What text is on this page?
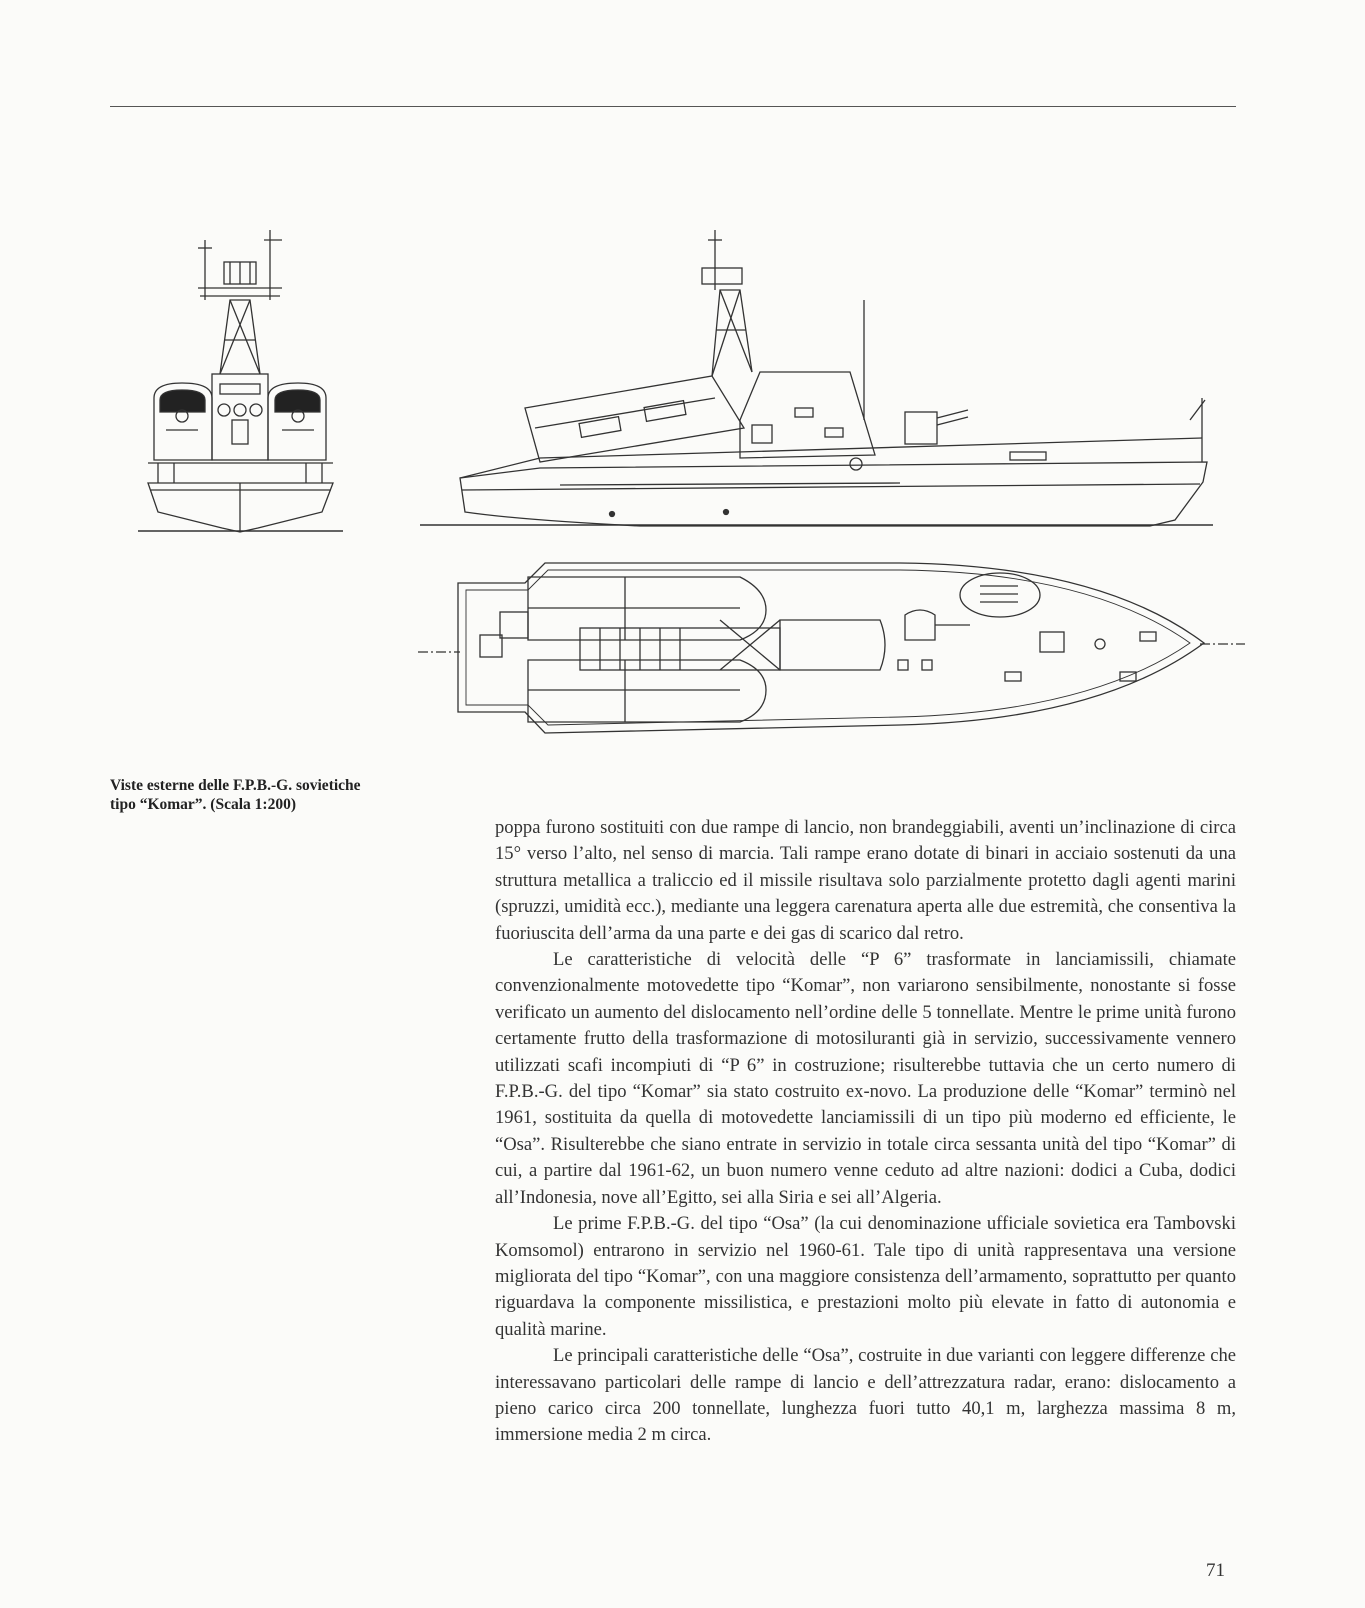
Viste esterne delle F.P.B.-G. sovietiche
tipo “Komar”. (Scala 1:200)

poppa furono sostituiti con due rampe di lancio, non brandeggiabili, aventi un’inclinazione di circa 15° verso l’alto, nel senso di marcia. Tali rampe erano dotate di binari in acciaio sostenuti da una struttura metallica a traliccio ed il missile risultava solo parzialmente protetto dagli agenti marini (spruzzi, umidità ecc.), mediante una leggera carenatura aperta alle due estremità, che consentiva la fuoriuscita dell’arma da una parte e dei gas di scarico dal retro.

Le caratteristiche di velocità delle “P 6” trasformate in lanciamissili, chiamate convenzionalmente motovedette tipo “Komar”, non variarono sensibilmente, nonostante si fosse verificato un aumento del dislocamento nell’ordine delle 5 tonnellate. Mentre le prime unità furono certamente frutto della trasformazione di motosiluranti già in servizio, successivamente vennero utilizzati scafi incompiuti di “P 6” in costruzione; risulterebbe tuttavia che un certo numero di F.P.B.-G. del tipo “Komar” sia stato costruito ex-novo. La produzione delle “Komar” terminò nel 1961, sostituita da quella di motovedette lanciamissili di un tipo più moderno ed efficiente, le “Osa”. Risulterebbe che siano entrate in servizio in totale circa sessanta unità del tipo “Komar” di cui, a partire dal 1961-62, un buon numero venne ceduto ad altre nazioni: dodici a Cuba, dodici all’Indonesia, nove all’Egitto, sei alla Siria e sei all’Algeria.

Le prime F.P.B.-G. del tipo “Osa” (la cui denominazione ufficiale sovietica era Tambovski Komsomol) entrarono in servizio nel 1960-61. Tale tipo di unità rappresentava una versione migliorata del tipo “Komar”, con una maggiore consistenza dell’armamento, soprattutto per quanto riguardava la componente missilistica, e prestazioni molto più elevate in fatto di autonomia e qualità marine.

Le principali caratteristiche delle “Osa”, costruite in due varianti con leggere differenze che interessavano particolari delle rampe di lancio e dell’attrezzatura radar, erano: dislocamento a pieno carico circa 200 tonnellate, lunghezza fuori tutto 40,1 m, larghezza massima 8 m, immersione media 2 m circa.

71
